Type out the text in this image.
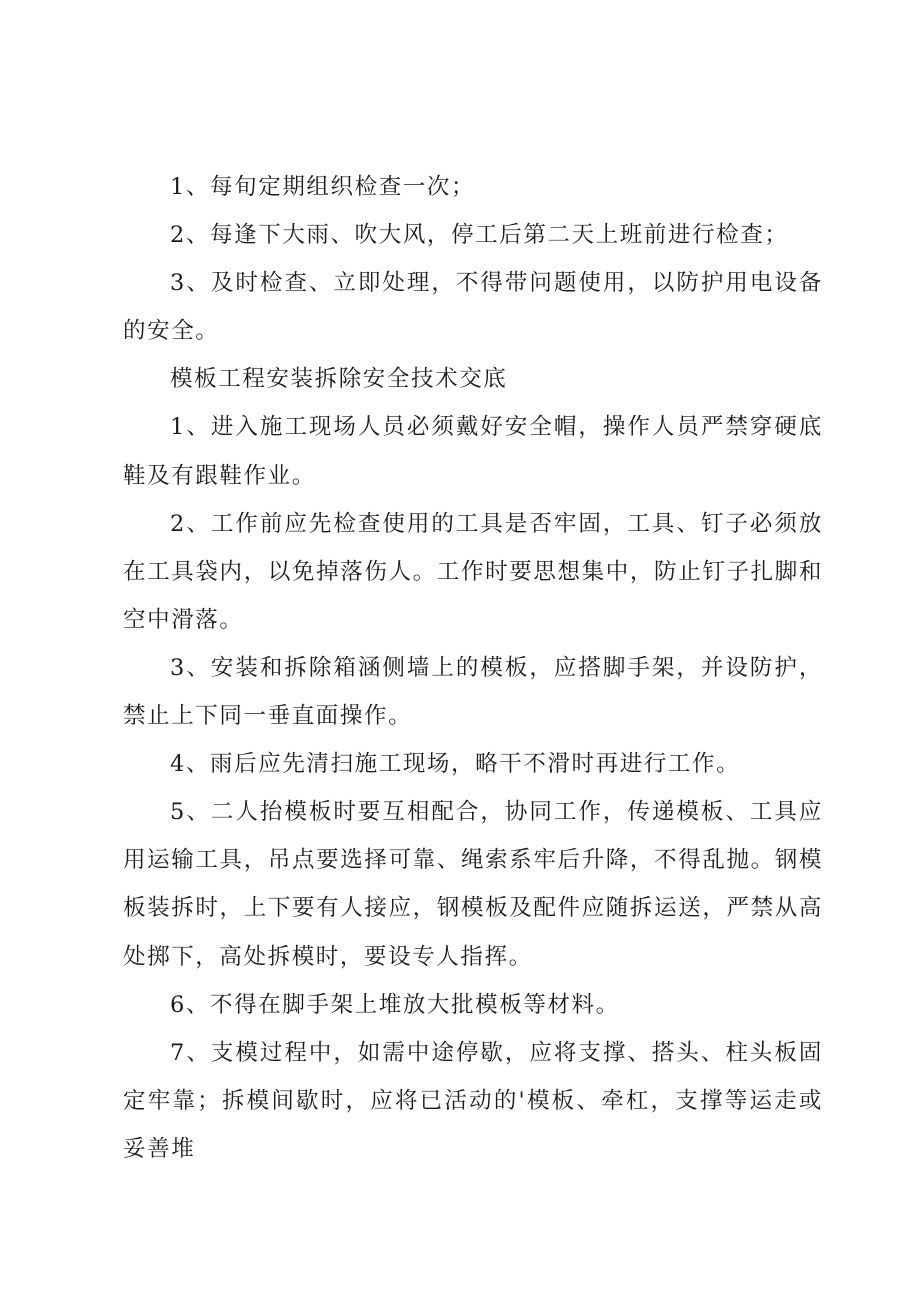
1、每旬定期组织检查一次；

2、每逢下大雨、吹大风，停工后第二天上班前进行检查；

3、及时检查、立即处理，不得带问题使用，以防护用电设备的安全。

模板工程安装拆除安全技术交底

1、进入施工现场人员必须戴好安全帽，操作人员严禁穿硬底鞋及有跟鞋作业。

2、工作前应先检查使用的工具是否牢固，工具、钉子必须放在工具袋内，以免掉落伤人。工作时要思想集中，防止钉子扎脚和空中滑落。

3、安装和拆除箱涵侧墙上的模板，应搭脚手架，并设防护，禁止上下同一垂直面操作。

4、雨后应先清扫施工现场，略干不滑时再进行工作。

5、二人抬模板时要互相配合，协同工作，传递模板、工具应用运输工具，吊点要选择可靠、绳索系牢后升降，不得乱抛。钢模板装拆时，上下要有人接应，钢模板及配件应随拆运送，严禁从高处掷下，高处拆模时，要设专人指挥。

6、不得在脚手架上堆放大批模板等材料。

7、支模过程中，如需中途停歇，应将支撑、搭头、柱头板固定牢靠；拆模间歇时，应将已活动的'模板、牵杠，支撑等运走或妥善堆
